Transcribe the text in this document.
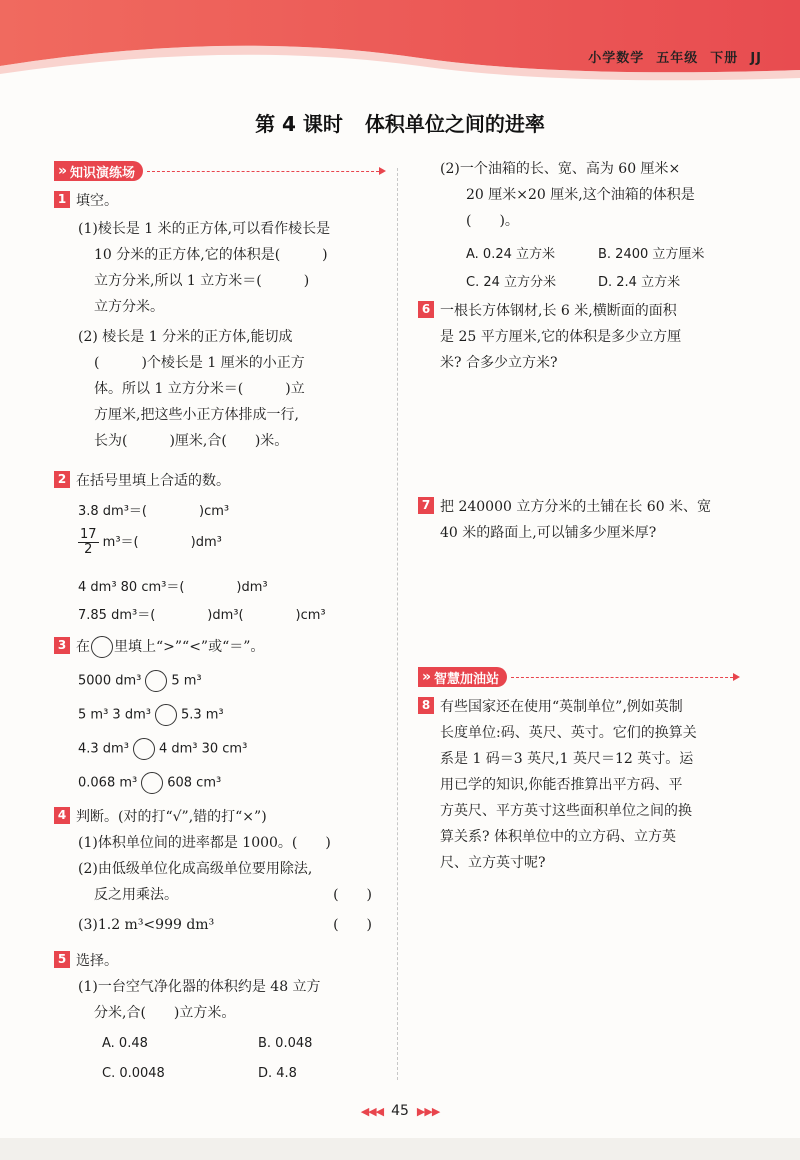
小学数学 五年级 下册 JJ
第 4 课时 体积单位之间的进率
» 知识演练场
1 填空。
(1)棱长是 1 米的正方体,可以看作棱长是
10 分米的正方体,它的体积是(　　　)
立方分米,所以 1 立方米＝(　　　)
立方分米。
(2) 棱长是 1 分米的正方体,能切成
(　　　)个棱长是 1 厘米的小正方
体。所以 1 立方分米＝(　　　)立
方厘米,把这些小正方体排成一行,
长为(　　　)厘米,合(　　)米。
2 在括号里填上合适的数。
3.8 dm³＝(　　　　)cm³
$\frac{17}{2} m^3=$(　　　　)dm³
4 dm³ 80 cm³＝(　　　　)dm³
7.85 dm³＝(　　　　)dm³(　　　　)cm³
3 在 里填上“>”“<”或“＝”。
5000 dm³ 5 m³
5 m³ 3 dm³ 5.3 m³
4.3 dm³ 4 dm³ 30 cm³
0.068 m³ 608 cm³
4 判断。(对的打“√”,错的打“×”)
(1)体积单位间的进率都是 1000。(　　)
(2)由低级单位化成高级单位要用除法,
反之用乘法。	(　　)
(3)1.2 m³<999 dm³	(　　)
5 选择。
(1)一台空气净化器的体积约是 48 立方
分米,合(　　)立方米。
A. 0.48	B. 0.048
C. 0.0048	D. 4.8
(2)一个油箱的长、宽、高为 60 厘米×
20 厘米×20 厘米,这个油箱的体积是
(　　)。
A. 0.24 立方米	B. 2400 立方厘米
C. 24 立方分米	D. 2.4 立方米
6 一根长方体钢材,长 6 米,横断面的面积
是 25 平方厘米,它的体积是多少立方厘
米? 合多少立方米?
7 把 240000 立方分米的土铺在长 60 米、宽
40 米的路面上,可以铺多少厘米厚?
» 智慧加油站
8 有些国家还在使用“英制单位”,例如英制
长度单位:码、英尺、英寸。它们的换算关
系是 1 码＝3 英尺,1 英尺＝12 英寸。运
用已学的知识,你能否推算出平方码、平
方英尺、平方英寸这些面积单位之间的换
算关系? 体积单位中的立方码、立方英
尺、立方英寸呢?
◀◀◀ 45 ▶▶▶
